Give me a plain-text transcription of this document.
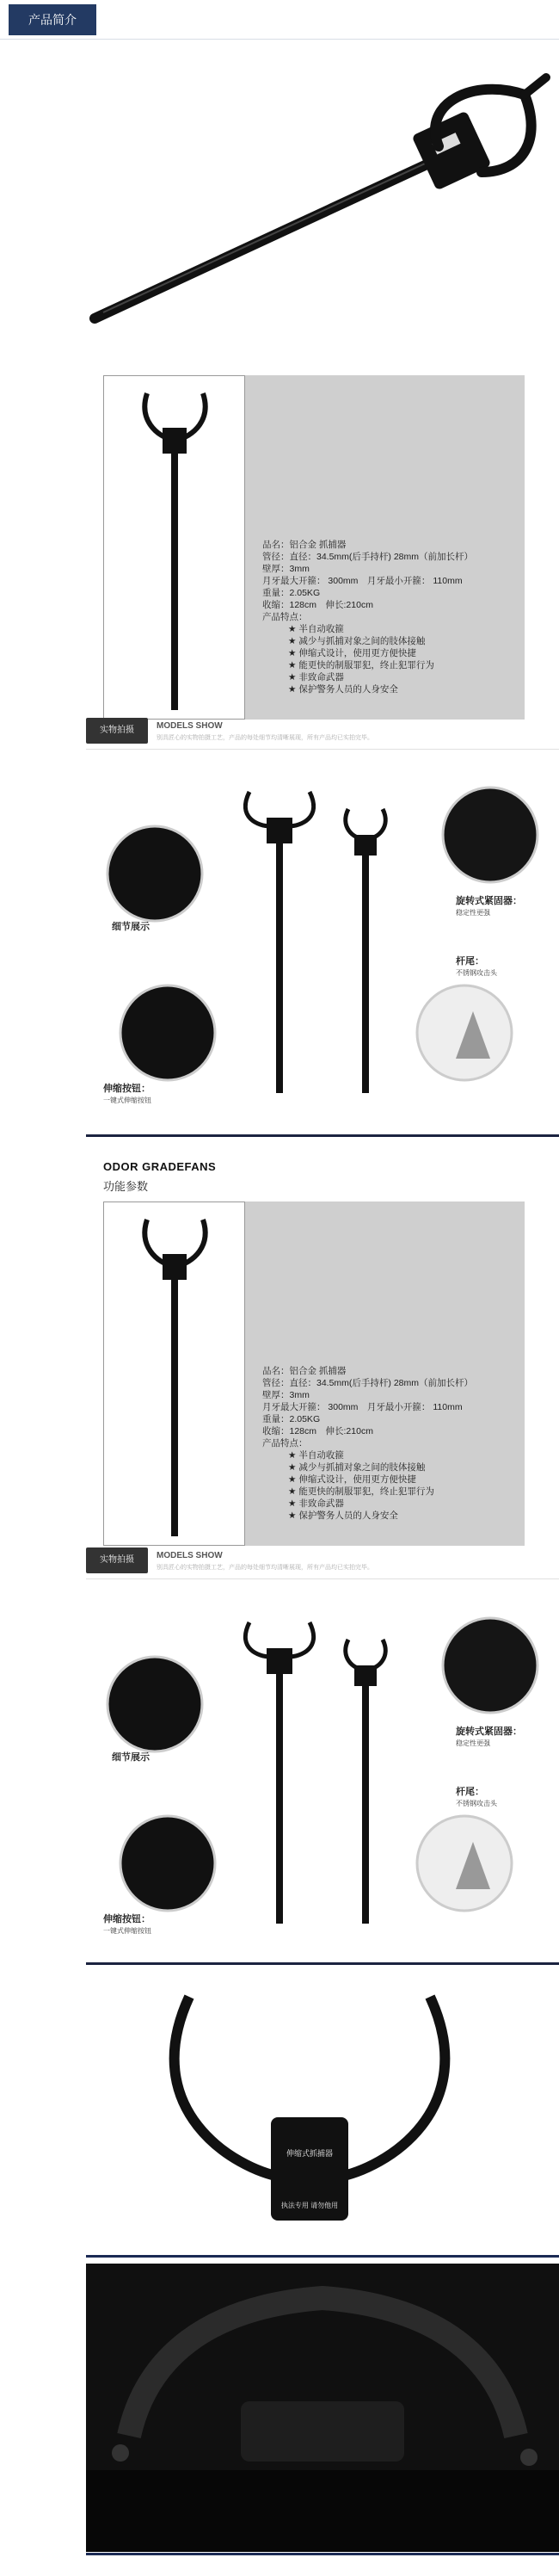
产品简介
品名：铝合金 抓捕器
管径：直径：34.5mm(后手持杆) 28mm（前加长杆）
壁厚：3mm
月牙最大开箍： 300mm　月牙最小开箍： 110mm
重量：2.05KG
收缩：128cm　伸长:210cm
产品特点：
★ 半自动收箍
★ 减少与抓捕对象之间的肢体接触
★ 伸缩式设计，使用更方便快捷
★ 能更快的制服罪犯，终止犯罪行为
★ 非致命武器
★ 保护警务人员的人身安全
实物拍摄	MODELS SHOW
别具匠心的实物拍摄工艺，产品的每处细节均清晰展现，所有产品均已实拍完毕。
细节展示
旋转式紧固器：
稳定性更强
杆尾：
不锈钢攻击头
伸缩按钮：
一键式伸缩按钮
ODOR GRADEFANS
功能参数
品名：铝合金 抓捕器
管径：直径：34.5mm(后手持杆) 28mm（前加长杆）
壁厚：3mm
月牙最大开箍： 300mm　月牙最小开箍： 110mm
重量：2.05KG
收缩：128cm　伸长:210cm
产品特点：
★ 半自动收箍
★ 减少与抓捕对象之间的肢体接触
★ 伸缩式设计，使用更方便快捷
★ 能更快的制服罪犯，终止犯罪行为
★ 非致命武器
★ 保护警务人员的人身安全
实物拍摄	MODELS SHOW
别具匠心的实物拍摄工艺，产品的每处细节均清晰展现，所有产品均已实拍完毕。
细节展示
旋转式紧固器：
稳定性更强
杆尾：
不锈钢攻击头
伸缩按钮：
一键式伸缩按钮
伸缩式抓捕器
执法专用 请勿他用
